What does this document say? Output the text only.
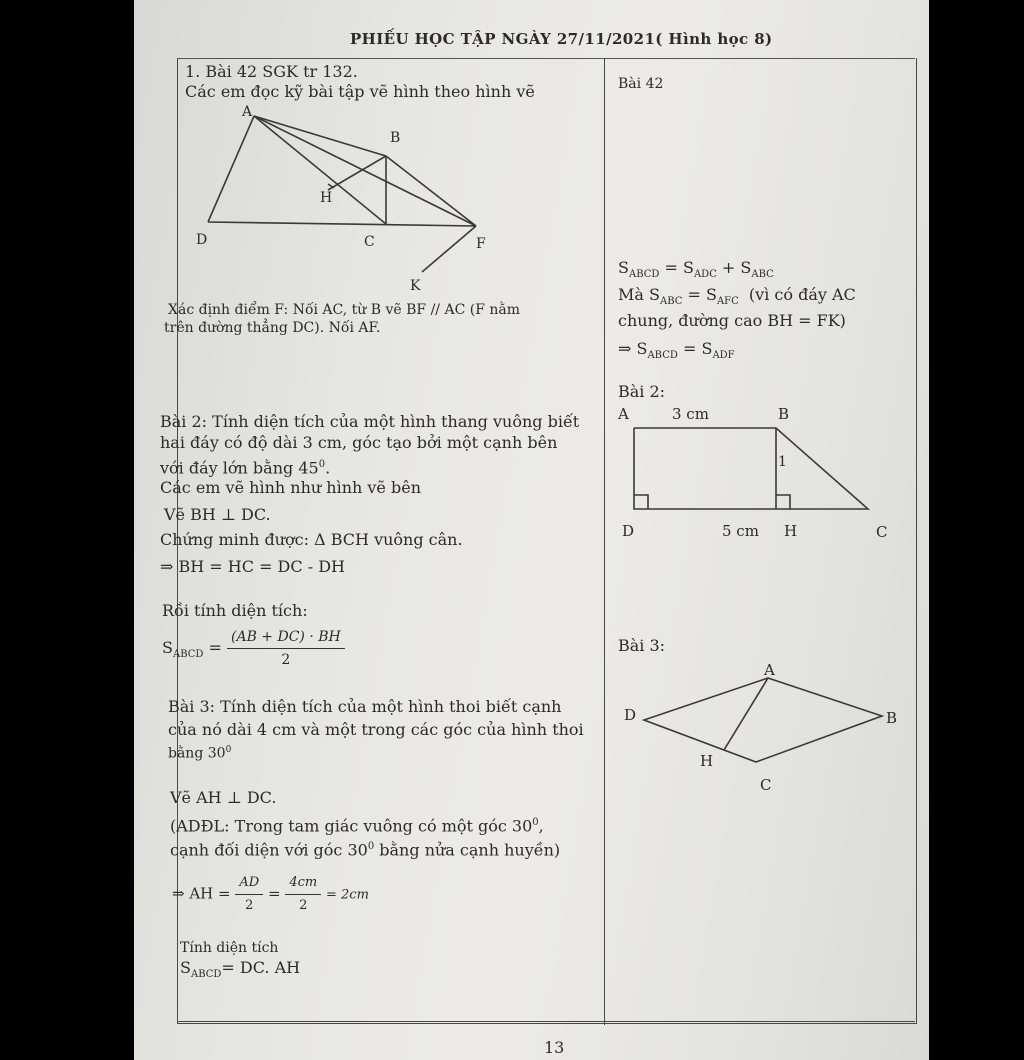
PHIẾU HỌC TẬP NGÀY 27/11/2021( Hình học 8)
1. Bài 42 SGK tr 132.
Các em đọc kỹ bài tập vẽ hình theo hình vẽ
A
B
H
D	C	F
K
Xác định điểm F: Nối AC, từ B vẽ BF // AC (F nằm
trên đường thẳng DC). Nối AF.
Bài 2: Tính diện tích của một hình thang vuông biết
hai đáy có độ dài 3 cm, góc tạo bởi một cạnh bên
với đáy lớn bằng $45^0$.
Các em vẽ hình như hình vẽ bên
Vẽ BH ⊥ DC.
Chứng minh được: Δ BCH vuông cân.
⇒ BH = HC = DC - DH
Rồi tính diện tích:
$S_{ABCD} = \frac{(AB + DC) \cdot BH}{2}$
Bài 3: Tính diện tích của một hình thoi biết cạnh
của nó dài 4 cm và một trong các góc của hình thoi
bằng $30^0$
Vẽ AH ⊥ DC.
(ADĐL: Trong tam giác vuông có một góc $30^0$,
cạnh đối diện với góc $30^0$ bằng nửa cạnh huyền)
⇒ AH = $\frac{AD}{2} = \frac{4cm}{2} = 2cm$
Tính diện tích
$S_{ABCD}=$ DC. AH
Bài 42
$S_{ABCD} = S_{ADC} + S_{ABC}$
Mà $S_{ABC} = S_{AFC}$ (vì có đáy AC
chung, đường cao BH = FK)
⇒ $S_{ABCD} = S_{ADF}$
Bài 2:
A	3 cm	B
1
D	5 cm H	C
Bài 3:
A
D	B
H
C
13
